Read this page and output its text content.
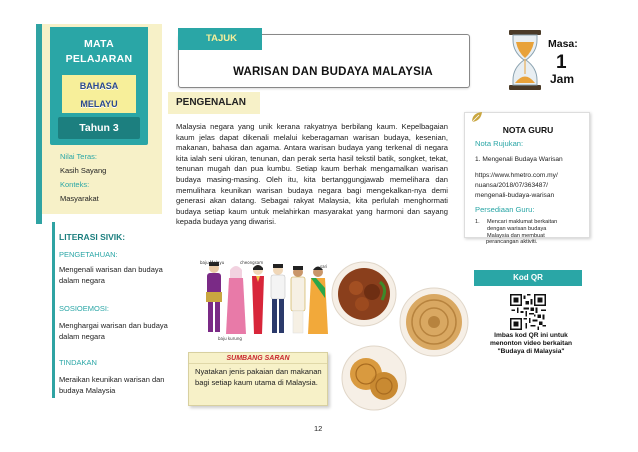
MATA
PELAJARAN
BAHASA
MELAYU
Tahun 3
Nilai Teras:
Kasih Sayang
Konteks:
Masyarakat
LITERASI SIVIK:
PENGETAHUAN:
Mengenali warisan dan budaya dalam negara
SOSIOEMOSI:
Menghargai warisan dan budaya dalam negara
TINDAKAN
Meraikan keunikan warisan dan budaya Malaysia
TAJUK
WARISAN DAN BUDAYA MALAYSIA
Masa:
1
Jam
PENGENALAN
Malaysia negara yang unik kerana rakyatnya berbilang kaum. Kepelbagaian kaum jelas dapat dikenali melalui keberagaman warisan budaya, kesenian, makanan, bahasa dan agama. Antara warisan budaya yang terkenal di negara kita ialah seni ukiran, tenunan, dan perak serta hasil tekstil batik, songket, tekat, tenunan mugah dan pua kumbu. Setiap kaum berhak mengamalkan warisan budaya masing-masing. Oleh itu, kita bertanggungjawab memelihara dan memulihara keunikan warisan budaya negara bagi mengekalkan-nya demi generasi akan datang. Sebagai rakyat Malaysia, kita perlulah menghormati budaya setiap kaum untuk melahirkan masyarakat yang harmoni dan sayang kepada budaya yang diwarisi.
NOTA GURU
Nota Rujukan:
1. Mengenali Budaya Warisan
https://www.hmetro.com.my/
nuansa/2018/07/363487/
mengenali-budaya-warisan
Persediaan Guru:
1. Mencari maklumat berkaitan
dengan warisan budaya
Malaysia dan membuat
perancangan aktiviti.
Kod QR
Imbas kod QR ini untuk
menonton video berkaitan
"Budaya di Malaysia"
baju Melayu	cheongsam
sari
baju kurung
SUMBANG SARAN
Nyatakan jenis pakaian dan makanan bagi setiap kaum utama di Malaysia.
12
